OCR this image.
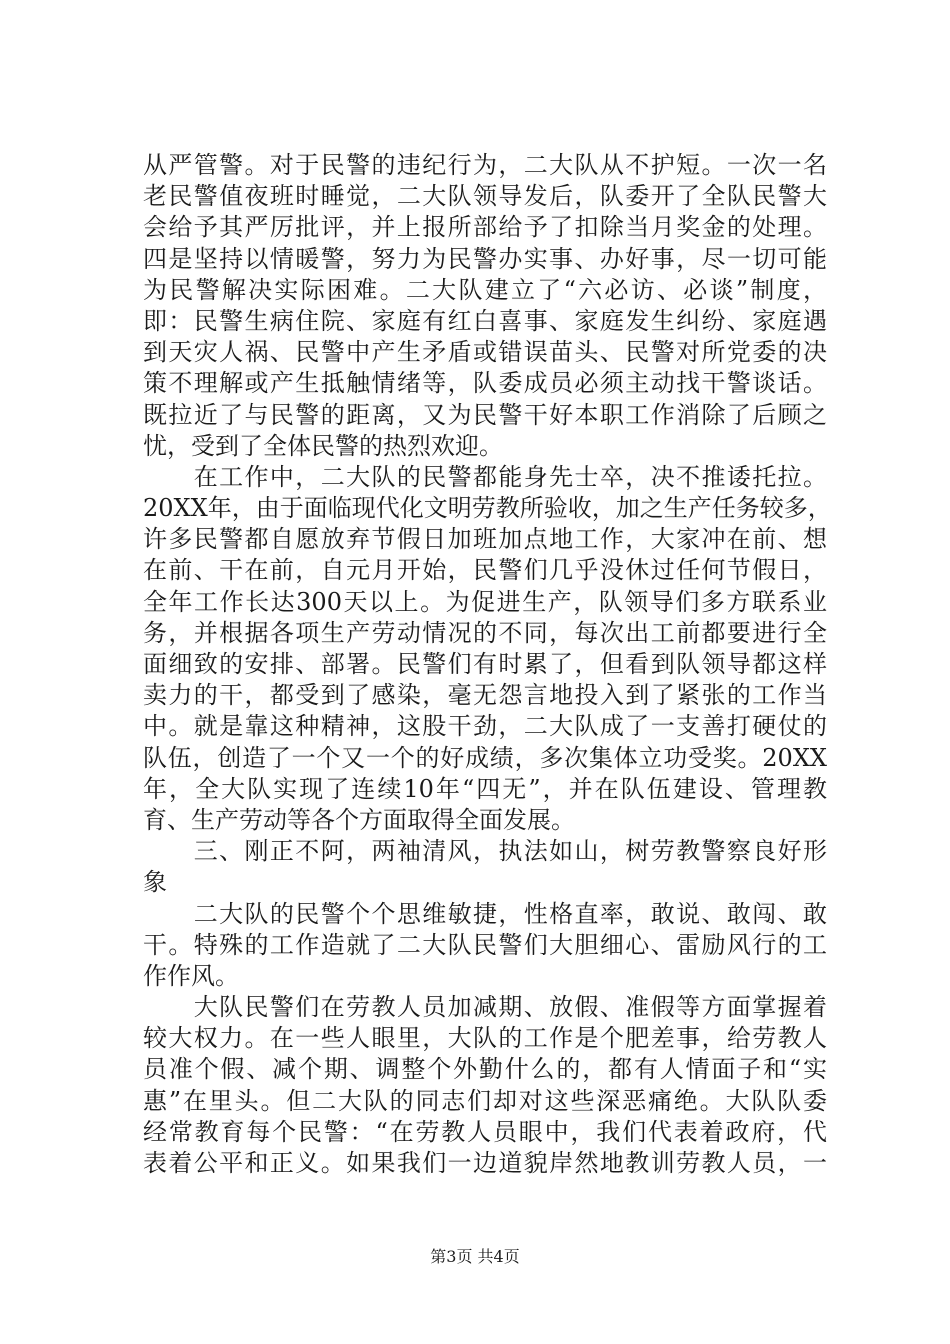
从严管警。对于民警的违纪行为，二大队从不护短。一次一名
老民警值夜班时睡觉，二大队领导发后，队委开了全队民警大
会给予其严厉批评，并上报所部给予了扣除当月奖金的处理。
四是坚持以情暖警，努力为民警办实事、办好事，尽一切可能
为民警解决实际困难。二大队建立了“六必访、必谈”制度，
即：民警生病住院、家庭有红白喜事、家庭发生纠纷、家庭遇
到天灾人祸、民警中产生矛盾或错误苗头、民警对所党委的决
策不理解或产生抵触情绪等，队委成员必须主动找干警谈话。
既拉近了与民警的距离，又为民警干好本职工作消除了后顾之
忧，受到了全体民警的热烈欢迎。
　　在工作中，二大队的民警都能身先士卒，决不推诿托拉。
20XX年，由于面临现代化文明劳教所验收，加之生产任务较多，
许多民警都自愿放弃节假日加班加点地工作，大家冲在前、想
在前、干在前，自元月开始，民警们几乎没休过任何节假日，
全年工作长达300天以上。为促进生产，队领导们多方联系业
务，并根据各项生产劳动情况的不同，每次出工前都要进行全
面细致的安排、部署。民警们有时累了，但看到队领导都这样
卖力的干，都受到了感染，毫无怨言地投入到了紧张的工作当
中。就是靠这种精神，这股干劲，二大队成了一支善打硬仗的
队伍，创造了一个又一个的好成绩，多次集体立功受奖。20XX
年，全大队实现了连续10年“四无”，并在队伍建设、管理教
育、生产劳动等各个方面取得全面发展。
　　三、刚正不阿，两袖清风，执法如山，树劳教警察良好形
象
　　二大队的民警个个思维敏捷，性格直率，敢说、敢闯、敢
干。特殊的工作造就了二大队民警们大胆细心、雷励风行的工
作作风。
　　大队民警们在劳教人员加减期、放假、准假等方面掌握着
较大权力。在一些人眼里，大队的工作是个肥差事，给劳教人
员准个假、减个期、调整个外勤什么的，都有人情面子和“实
惠”在里头。但二大队的同志们却对这些深恶痛绝。大队队委
经常教育每个民警：“在劳教人员眼中，我们代表着政府，代
表着公平和正义。如果我们一边道貌岸然地教训劳教人员，一
第3页 共4页
